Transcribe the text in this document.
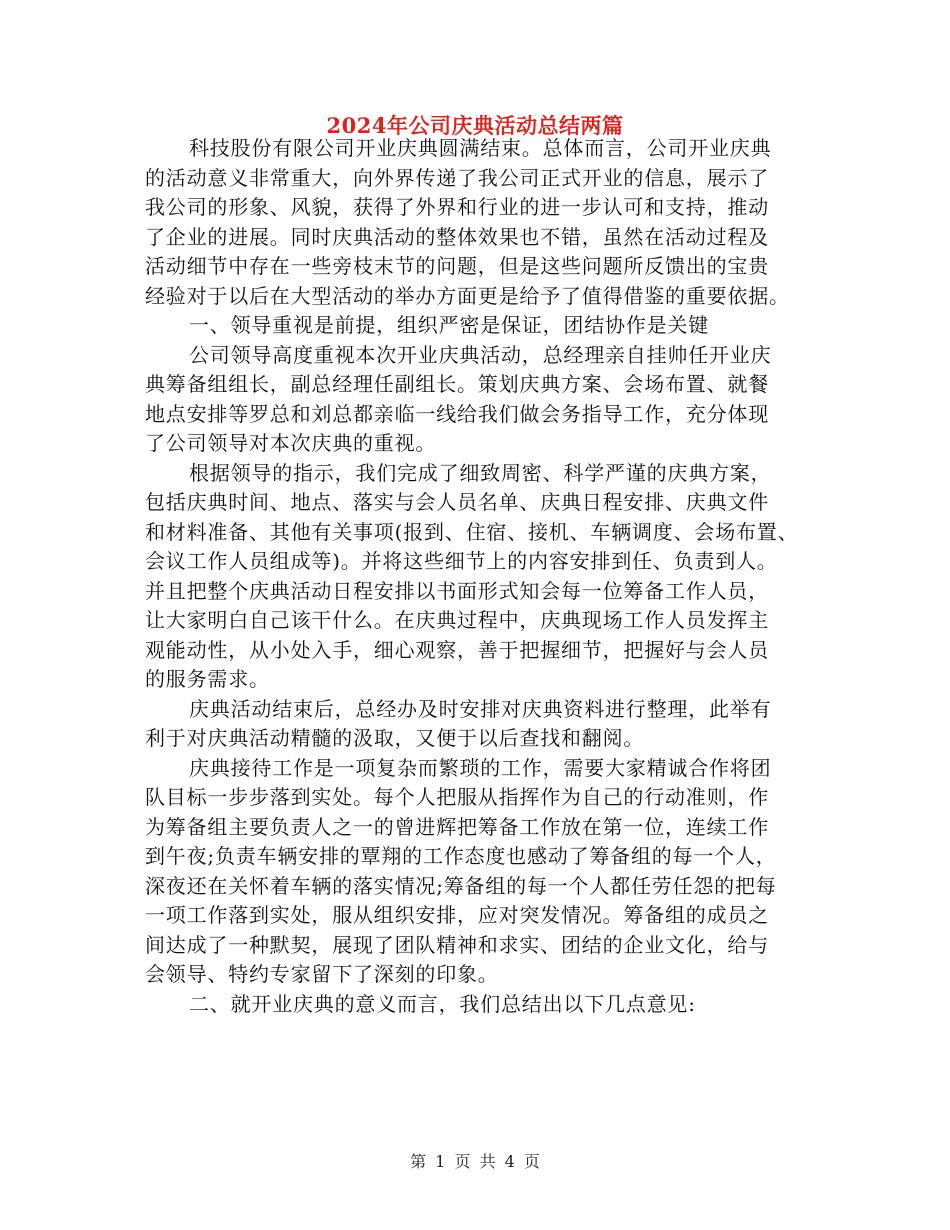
2024年公司庆典活动总结两篇
科技股份有限公司开业庆典圆满结束。总体而言，公司开业庆典
的活动意义非常重大，向外界传递了我公司正式开业的信息，展示了
我公司的形象、风貌，获得了外界和行业的进一步认可和支持，推动
了企业的进展。同时庆典活动的整体效果也不错，虽然在活动过程及
活动细节中存在一些旁枝末节的问题，但是这些问题所反馈出的宝贵
经验对于以后在大型活动的举办方面更是给予了值得借鉴的重要依据。
一、领导重视是前提，组织严密是保证，团结协作是关键
公司领导高度重视本次开业庆典活动，总经理亲自挂帅任开业庆
典筹备组组长，副总经理任副组长。策划庆典方案、会场布置、就餐
地点安排等罗总和刘总都亲临一线给我们做会务指导工作，充分体现
了公司领导对本次庆典的重视。
根据领导的指示，我们完成了细致周密、科学严谨的庆典方案，
包括庆典时间、地点、落实与会人员名单、庆典日程安排、庆典文件
和材料准备、其他有关事项(报到、住宿、接机、车辆调度、会场布置、
会议工作人员组成等)。并将这些细节上的内容安排到任、负责到人。
并且把整个庆典活动日程安排以书面形式知会每一位筹备工作人员，
让大家明白自己该干什么。在庆典过程中，庆典现场工作人员发挥主
观能动性，从小处入手，细心观察，善于把握细节，把握好与会人员
的服务需求。
庆典活动结束后，总经办及时安排对庆典资料进行整理，此举有
利于对庆典活动精髓的汲取，又便于以后查找和翻阅。
庆典接待工作是一项复杂而繁琐的工作，需要大家精诚合作将团
队目标一步步落到实处。每个人把服从指挥作为自己的行动准则，作
为筹备组主要负责人之一的曾进辉把筹备工作放在第一位，连续工作
到午夜;负责车辆安排的覃翔的工作态度也感动了筹备组的每一个人，
深夜还在关怀着车辆的落实情况;筹备组的每一个人都任劳任怨的把每
一项工作落到实处，服从组织安排，应对突发情况。筹备组的成员之
间达成了一种默契，展现了团队精神和求实、团结的企业文化，给与
会领导、特约专家留下了深刻的印象。
二、就开业庆典的意义而言，我们总结出以下几点意见:
第 1 页 共 4 页
